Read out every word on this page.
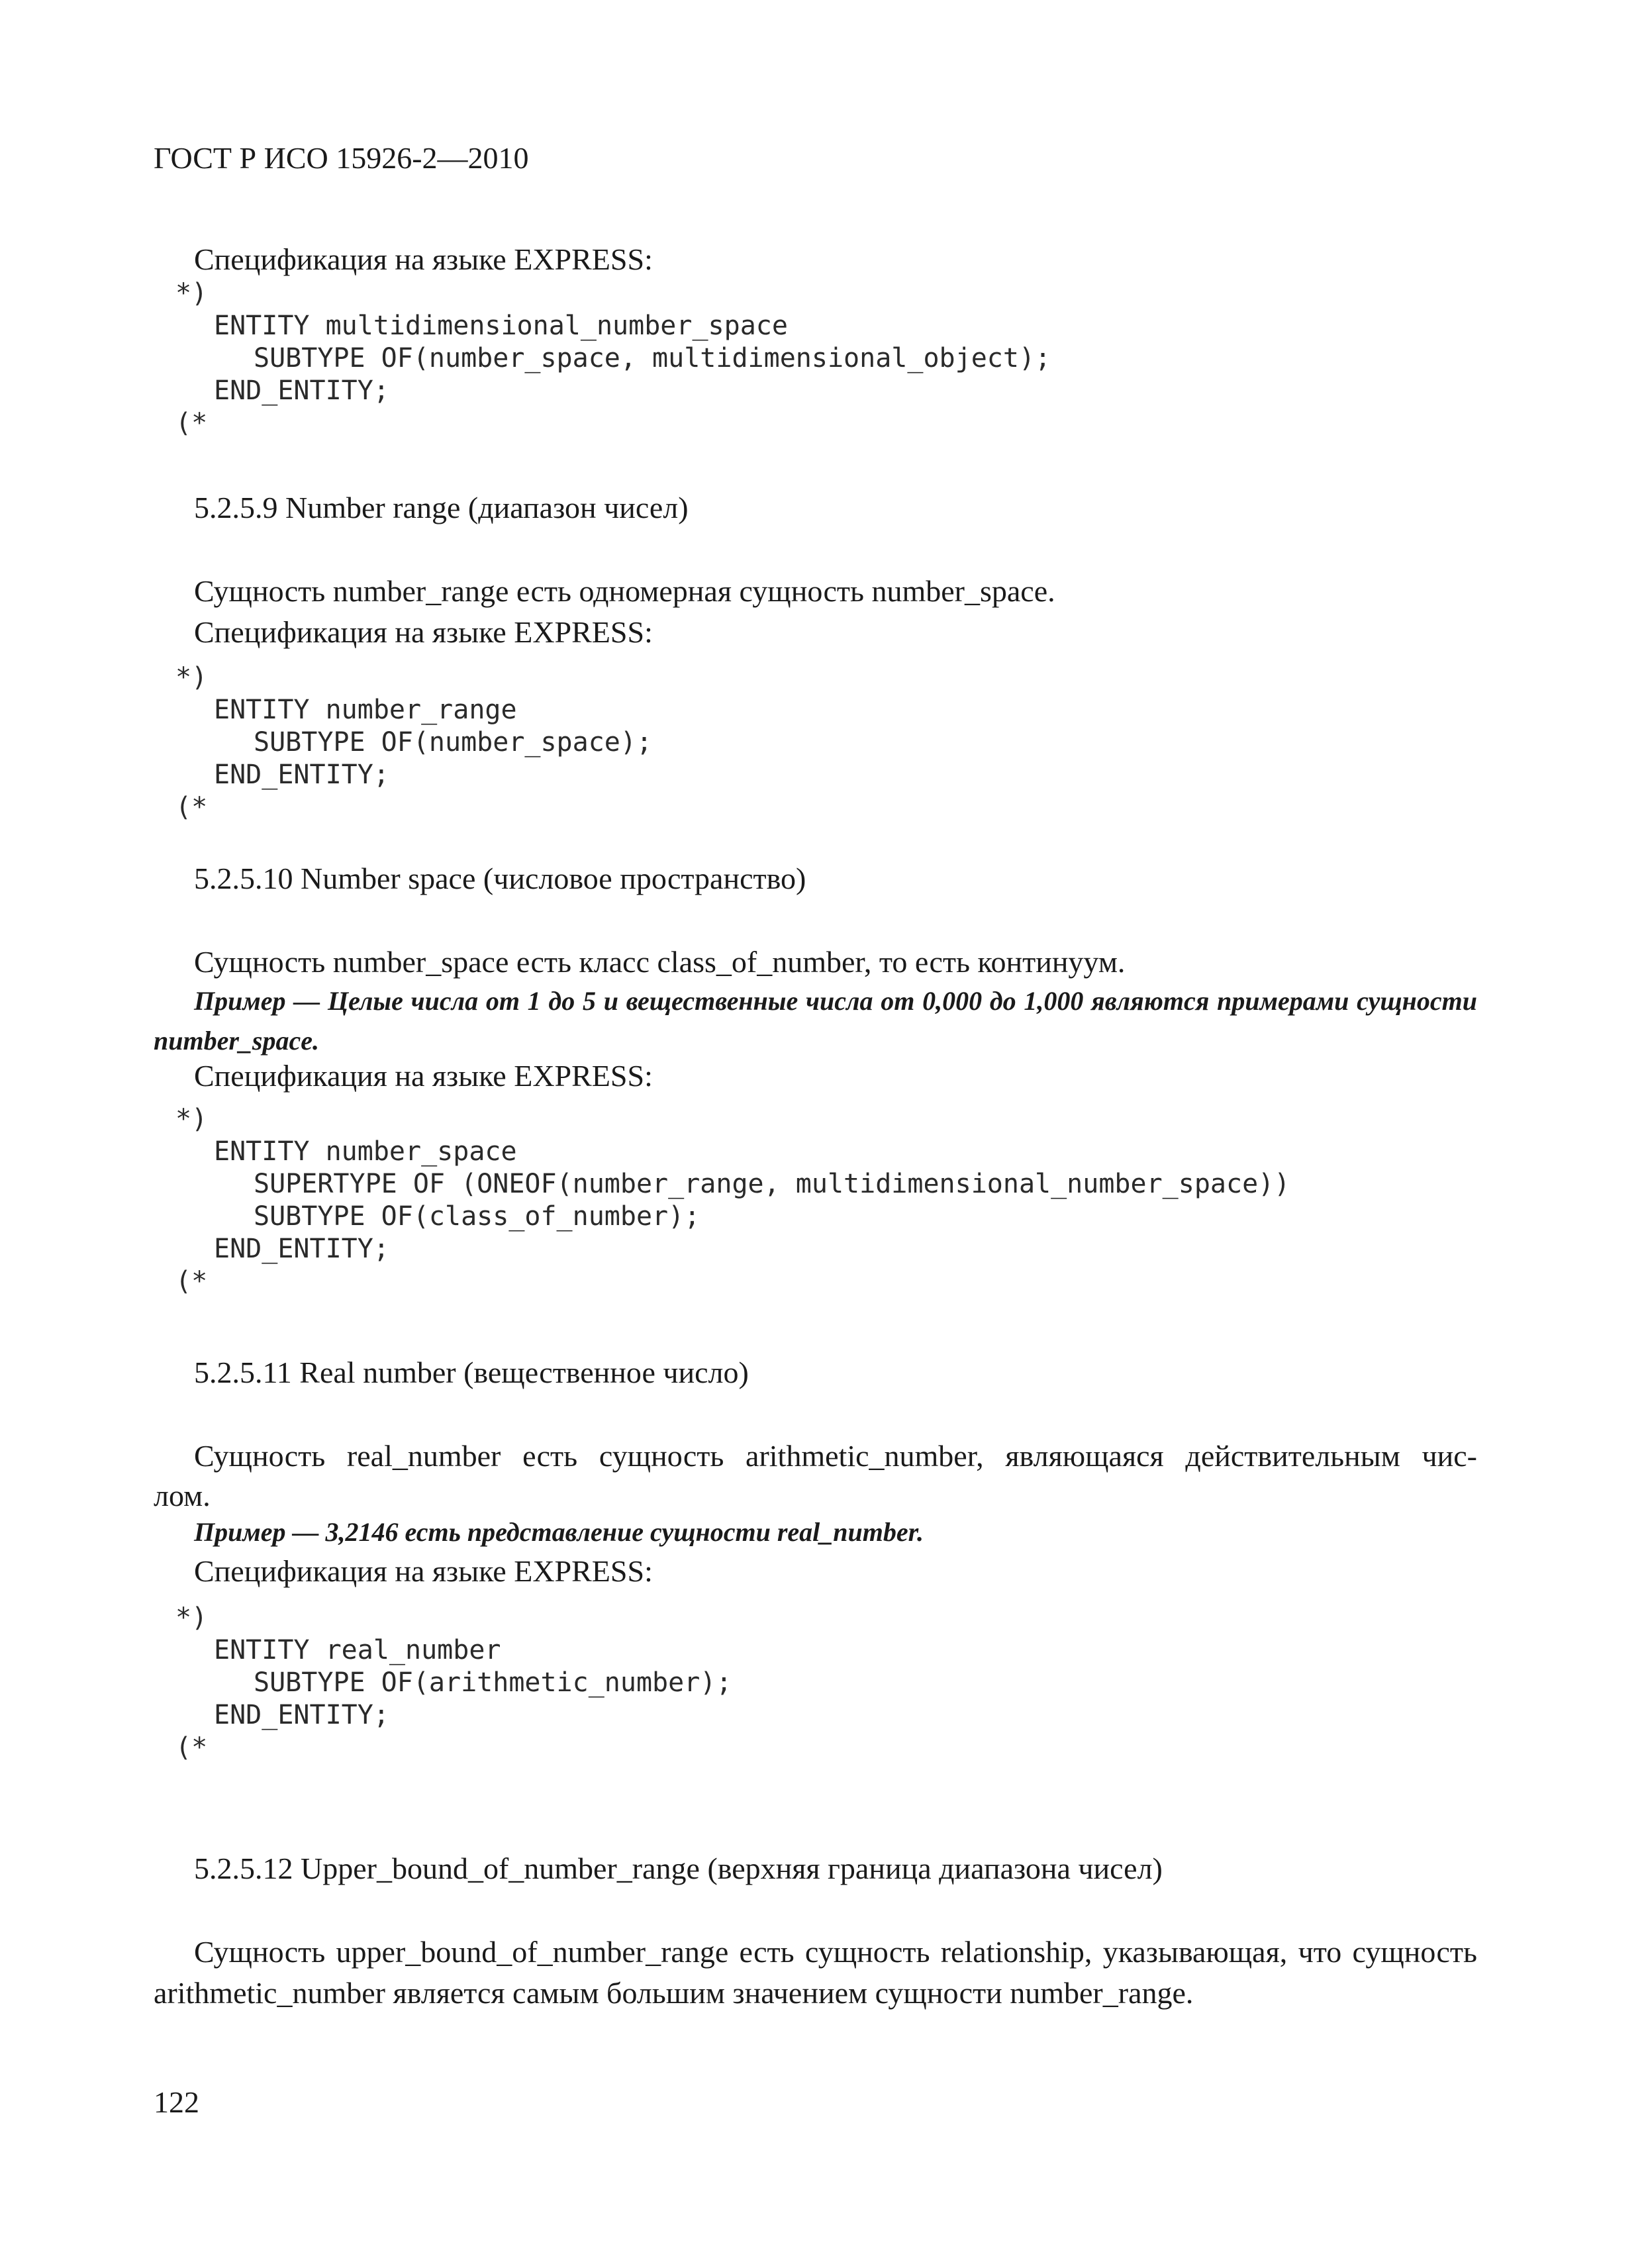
ГОСТ Р ИСО 15926-2—2010

Спецификация на языке EXPRESS:

*)

ENTITY multidimensional_number_space

SUBTYPE OF(number_space, multidimensional_object);

END_ENTITY;

(*

5.2.5.9 Number range (диапазон чисел)

Сущность number_range есть одномерная сущность number_space.

Спецификация на языке EXPRESS:

*)

ENTITY number_range

SUBTYPE OF(number_space);

END_ENTITY;

(*

5.2.5.10 Number space (числовое пространство)

Сущность number_space есть класс class_of_number, то есть континуум.

Пример — Целые числа от 1 до 5 и вещественные числа от 0,000 до 1,000 являются примерами сущности

number_space.

Спецификация на языке EXPRESS:

*)

ENTITY number_space

SUPERTYPE OF (ONEOF(number_range, multidimensional_number_space))

SUBTYPE OF(class_of_number);

END_ENTITY;

(*

5.2.5.11 Real number (вещественное число)

Сущность real_number есть сущность arithmetic_number, являющаяся действительным чис-

лом.

Пример — 3,2146 есть представление сущности real_number.

Спецификация на языке EXPRESS:

*)

ENTITY real_number

SUBTYPE OF(arithmetic_number);

END_ENTITY;

(*

5.2.5.12 Upper_bound_of_number_range (верхняя граница диапазона чисел)

Сущность upper_bound_of_number_range есть сущность relationship, указывающая, что сущность

arithmetic_number является самым большим значением сущности number_range.

122
